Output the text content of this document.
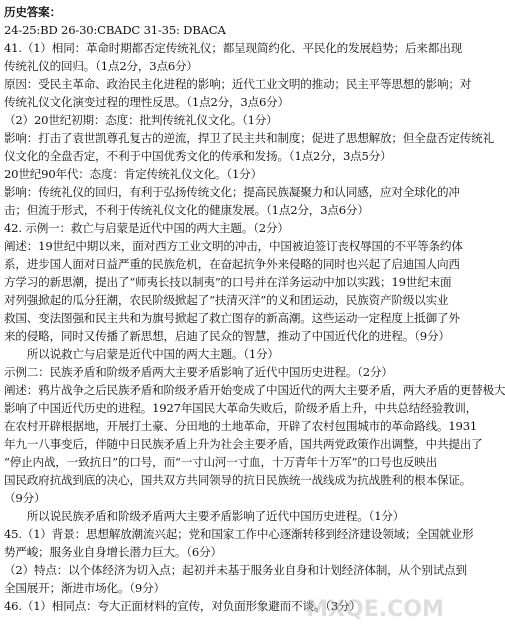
历史答案：
24-25:BD 26-30:CBADC 31-35: DBACA
41.（1）相同：革命时期都否定传统礼仪；都呈现简约化、平民化的发展趋势；后来都出现
传统礼仪的回归。（1点2分，3点6分）
原因：受民主革命、政治民主化进程的影响；近代工业文明的推动；民主平等思想的影响；对
传统礼仪文化演变过程的理性反思。（1点2分，3点6分）
（2）20世纪初期：态度：批判传统礼仪文化。（1分）
影响：打击了袁世凯尊孔复古的逆流，捍卫了民主共和制度；促进了思想解放；但全盘否定传统礼
仪文化的全盘否定，不利于中国优秀文化的传承和发扬。（1点2分，3点5分）
20世纪90年代：态度：肯定传统礼仪文化。（1分）
影响：传统礼仪的回归，有利于弘扬传统文化；提高民族凝聚力和认同感，应对全球化的冲
击；但流于形式，不利于传统礼仪文化的健康发展。（1点2分，3点6分）
42. 示例一：救亡与启蒙是近代中国的两大主题。（2分）
阐述：19世纪中期以来，面对西方工业文明的冲击，中国被迫签订丧权辱国的不平等条约体
系，进步国人面对日益严重的民族危机，在奋起抗争外来侵略的同时也兴起了启迪国人向西
方学习的新思潮，提出了“师夷长技以制夷”的口号并在洋务运动中加以实践；19世纪末面
对列强掀起的瓜分狂潮，农民阶级掀起了“扶清灭洋”的义和团运动，民族资产阶级以实业
救国、变法图强和民主共和为旗号掀起了救亡图存的新高潮。这些运动一定程度上抵御了外
来的侵略，同时又传播了新思想，启迪了民众的智慧，推动了中国近代化的进程。（9分）
　　所以说救亡与启蒙是近代中国的两大主题。（1分）
示例二：民族矛盾和阶级矛盾两大主要矛盾影响了近代中国历史进程。（2分）
阐述：鸦片战争之后民族矛盾和阶级矛盾开始变成了中国近代的两大主要矛盾，两大矛盾的更替极大
影响了中国近代历史的进程。1927年国民大革命失败后，阶级矛盾上升，中共总结经验教训，
在农村开辟根据地，开展打土豪、分田地的土地革命，开辟了农村包围城市的革命路线。1931
年九一八事变后，伴随中日民族矛盾上升为社会主要矛盾，国共两党政策作出调整，中共提出了
“停止内战，一致抗日”的口号，而“一寸山河一寸血，十万青年十万军”的口号也反映出
国民政府抗战到底的决心，国共双方共同领导的抗日民族统一战线成为抗战胜利的根本保证。
（9分）
　　所以说民族矛盾和阶级矛盾两大主要矛盾影响了近代中国历史进程。（1分）
45.（1）背景：思想解放潮流兴起；党和国家工作中心逐渐转移到经济建设领域；全国就业形
势严峻；服务业自身增长潜力巨大。（6分）
（2）特点：以个体经济为切入点；起初并未基于服务业自身和计划经济体制，从个别试点到
全国展开；渐进市场化。（9分）
46.（1）相同点：夸大正面材料的宣传，对负面形象避而不谈。（3分）
MXQE.COM
